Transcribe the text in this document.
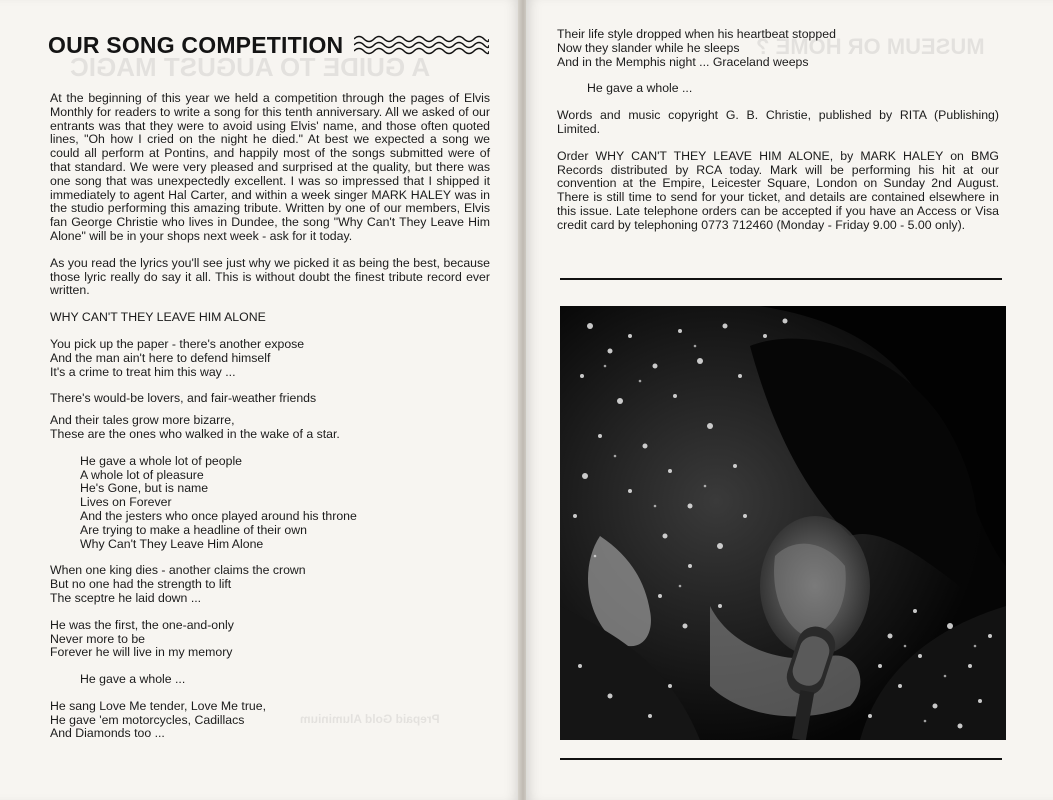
A GUIDE TO AUGUST MAGIC
OUR SONG COMPETITION

At the beginning of this year we held a competition through the pages of Elvis Monthly for readers to write a song for this tenth anniversary. All we asked of our entrants was that they were to avoid using Elvis' name, and those often quoted lines, "Oh how I cried on the night he died." At best we expected a song we could all perform at Pontins, and happily most of the songs submitted were of that standard. We were very pleased and surprised at the quality, but there was one song that was unexpectedly excellent. I was so impressed that I shipped it immediately to agent Hal Carter, and within a week singer MARK HALEY was in the studio performing this amazing tribute. Written by one of our members, Elvis fan George Christie who lives in Dundee, the song "Why Can't They Leave Him Alone" will be in your shops next week - ask for it today.

As you read the lyrics you'll see just why we picked it as being the best, because those lyric really do say it all. This is without doubt the finest tribute record ever written.

WHY CAN'T THEY LEAVE HIM ALONE

You pick up the paper - there's another expose

And the man ain't here to defend himself

It's a crime to treat him this way ...

There's would-be lovers, and fair-weather friends

And their tales grow more bizarre,

These are the ones who walked in the wake of a star.

He gave a whole lot of people

A whole lot of pleasure

He's Gone, but is name

Lives on Forever

And the jesters who once played around his throne

Are trying to make a headline of their own

Why Can't They Leave Him Alone

When one king dies - another claims the crown

But no one had the strength to lift

The sceptre he laid down ...

He was the first, the one-and-only

Never more to be

Forever he will live in my memory

He gave a whole ...

He sang Love Me tender, Love Me true,

He gave 'em motorcycles, Cadillacs

And Diamonds too ...

Prepaid Gold Aluminium
MUSEUM OR HOME ?

Their life style dropped when his heartbeat stopped

Now they slander while he sleeps

And in the Memphis night ... Graceland weeps

He gave a whole ...

Words and music copyright G. B. Christie, published by RITA (Publishing) Limited.

Order WHY CAN'T THEY LEAVE HIM ALONE, by MARK HALEY on BMG Records distributed by RCA today. Mark will be performing his hit at our convention at the Empire, Leicester Square, London on Sunday 2nd August. There is still time to send for your ticket, and details are contained elsewhere in this issue. Late telephone orders can be accepted if you have an Access or Visa credit card by telephoning 0773 712460 (Monday - Friday 9.00 - 5.00 only).
